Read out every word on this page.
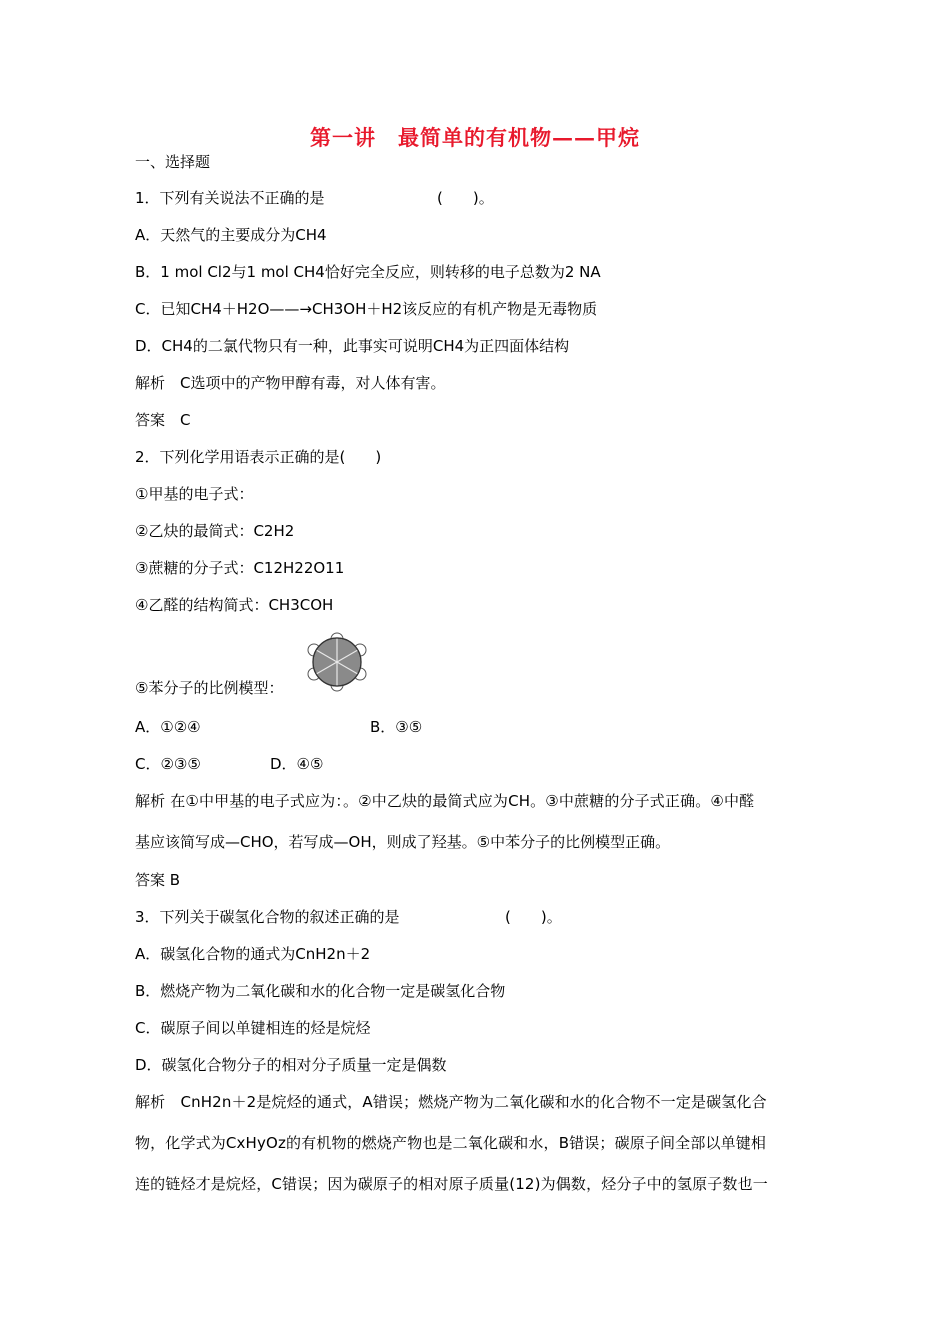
第一讲　最简单的有机物——甲烷
一、选择题
1．下列有关说法不正确的是	(　　)。
A．天然气的主要成分为CH4
B．1 mol Cl2与1 mol CH4恰好完全反应，则转移的电子总数为2 NA
C．已知CH4＋H2O——→CH3OH＋H2该反应的有机产物是无毒物质
D．CH4的二氯代物只有一种，此事实可说明CH4为正四面体结构
解析　C选项中的产物甲醇有毒，对人体有害。
答案　C
2．下列化学用语表示正确的是(　　)
①甲基的电子式：
②乙炔的最简式：C2H2
③蔗糖的分子式：C12H22O11
④乙醛的结构简式：CH3COH
⑤苯分子的比例模型：
A．①②④	B．③⑤
C．②③⑤	D．④⑤
解析 在①中甲基的电子式应为：。②中乙炔的最简式应为CH。③中蔗糖的分子式正确。④中醛
基应该简写成—CHO，若写成—OH，则成了羟基。⑤中苯分子的比例模型正确。
答案 B
3．下列关于碳氢化合物的叙述正确的是	(　　)。
A．碳氢化合物的通式为CnH2n＋2
B．燃烧产物为二氧化碳和水的化合物一定是碳氢化合物
C．碳原子间以单键相连的烃是烷烃
D．碳氢化合物分子的相对分子质量一定是偶数
解析　CnH2n＋2是烷烃的通式，A错误；燃烧产物为二氧化碳和水的化合物不一定是碳氢化合
物，化学式为CxHyOz的有机物的燃烧产物也是二氧化碳和水，B错误；碳原子间全部以单键相
连的链烃才是烷烃，C错误；因为碳原子的相对原子质量(12)为偶数，烃分子中的氢原子数也一
